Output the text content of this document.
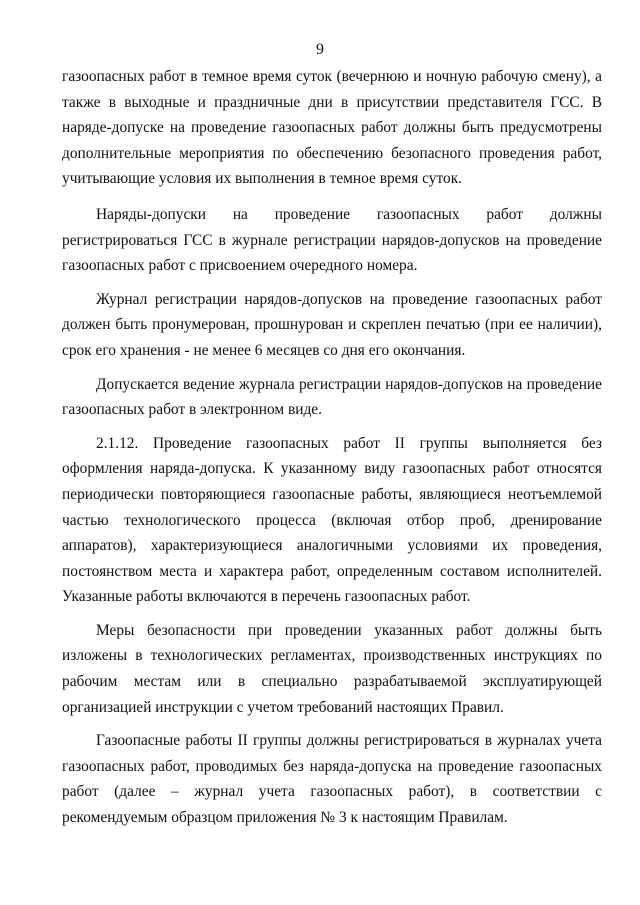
9

газоопасных работ в темное время суток (вечернюю и ночную рабочую смену), а также в выходные и праздничные дни в присутствии представителя ГСС. В наряде-допуске на проведение газоопасных работ должны быть предусмотрены дополнительные мероприятия по обеспечению безопасного проведения работ, учитывающие условия их выполнения в темное время суток.

Наряды-допуски на проведение газоопасных работ должны регистрироваться ГСС в журнале регистрации нарядов-допусков на проведение газоопасных работ с присвоением очередного номера.

Журнал регистрации нарядов-допусков на проведение газоопасных работ должен быть пронумерован, прошнурован и скреплен печатью (при ее наличии), срок его хранения - не менее 6 месяцев со дня его окончания.

Допускается ведение журнала регистрации нарядов-допусков на проведение газоопасных работ в электронном виде.

2.1.12. Проведение газоопасных работ II группы выполняется без оформления наряда-допуска. К указанному виду газоопасных работ относятся периодически повторяющиеся газоопасные работы, являющиеся неотъемлемой частью технологического процесса (включая отбор проб, дренирование аппаратов), характеризующиеся аналогичными условиями их проведения, постоянством места и характера работ, определенным составом исполнителей. Указанные работы включаются в перечень газоопасных работ.

Меры безопасности при проведении указанных работ должны быть изложены в технологических регламентах, производственных инструкциях по рабочим местам или в специально разрабатываемой эксплуатирующей организацией инструкции с учетом требований настоящих Правил.

Газоопасные работы II группы должны регистрироваться в журналах учета газоопасных работ, проводимых без наряда-допуска на проведение газоопасных работ (далее – журнал учета газоопасных работ), в соответствии с рекомендуемым образцом приложения № 3 к настоящим Правилам.
